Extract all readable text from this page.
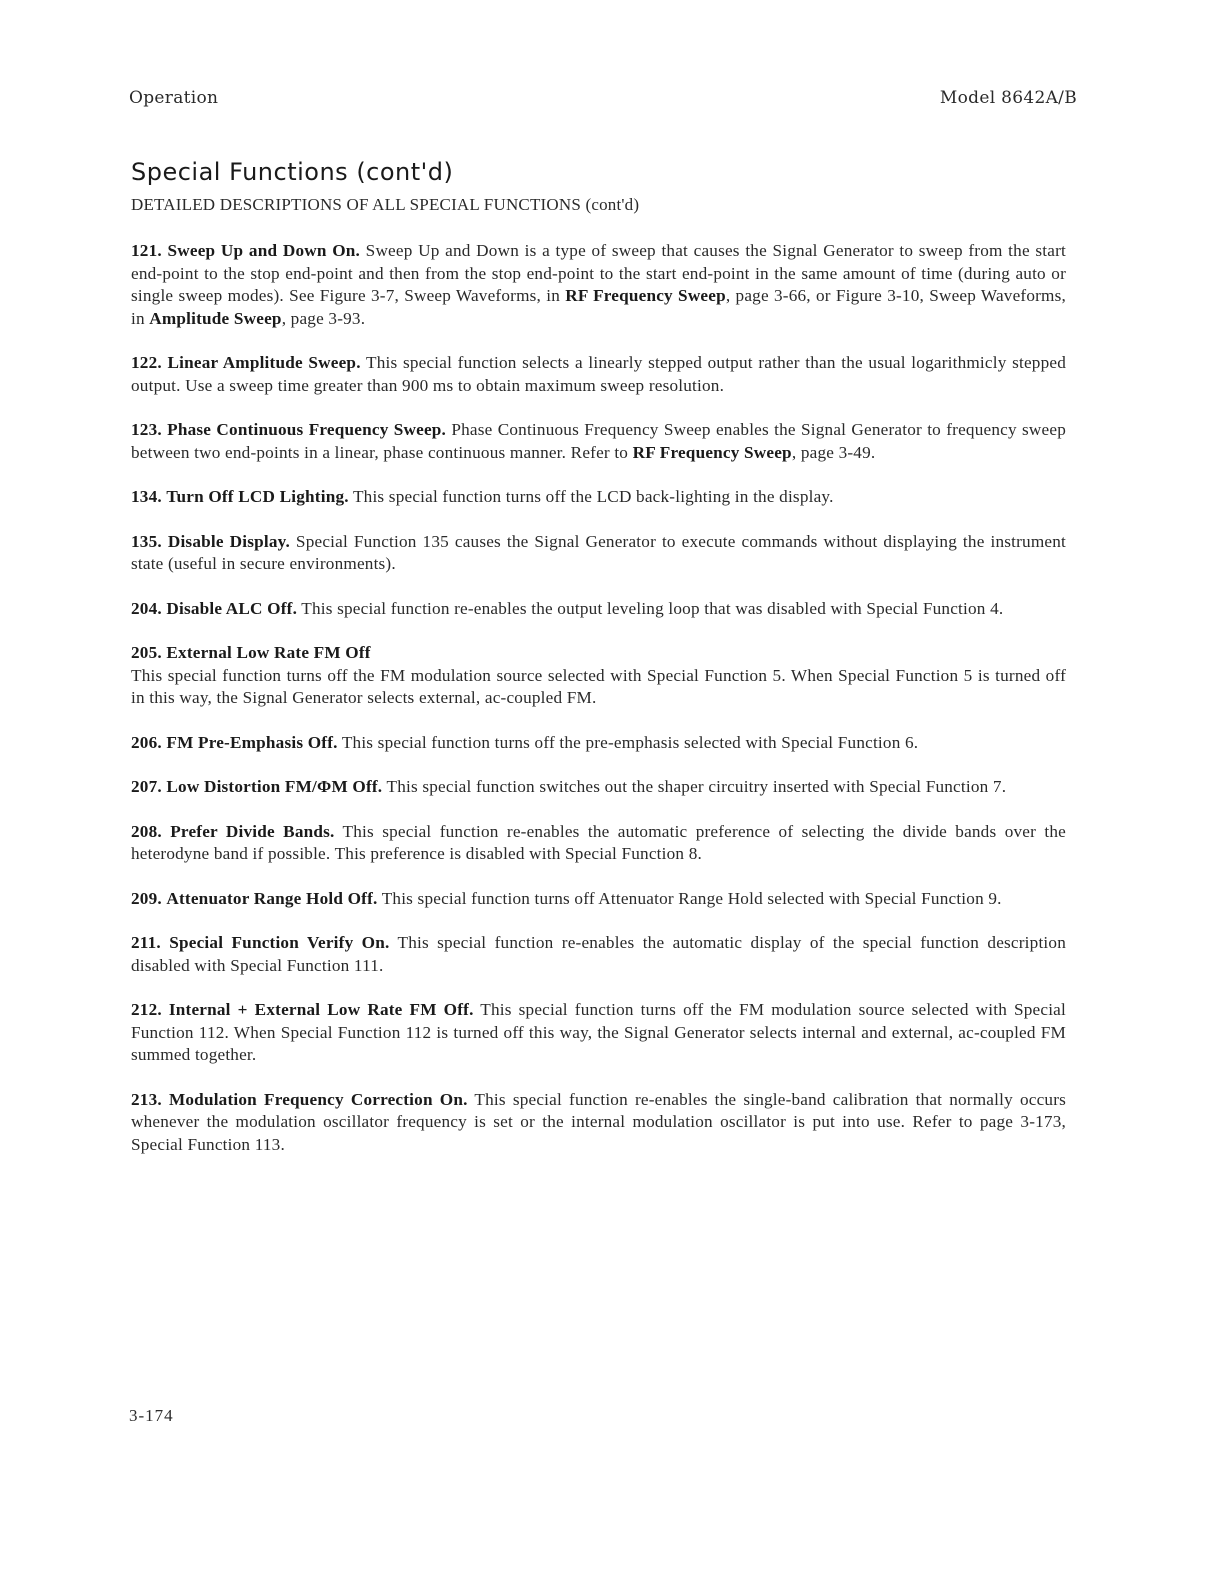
Operation	Model 8642A/B
Special Functions (cont'd)
DETAILED DESCRIPTIONS OF ALL SPECIAL FUNCTIONS (cont'd)

121. Sweep Up and Down On. Sweep Up and Down is a type of sweep that causes the Signal Generator to sweep from the start end-point to the stop end-point and then from the stop end-point to the start end-point in the same amount of time (during auto or single sweep modes). See Figure 3-7, Sweep Waveforms, in RF Frequency Sweep, page 3-66, or Figure 3-10, Sweep Waveforms, in Amplitude Sweep, page 3-93.

122. Linear Amplitude Sweep. This special function selects a linearly stepped output rather than the usual logarithmicly stepped output. Use a sweep time greater than 900 ms to obtain maximum sweep resolution.

123. Phase Continuous Frequency Sweep. Phase Continuous Frequency Sweep enables the Signal Generator to frequency sweep between two end-points in a linear, phase continuous manner. Refer to RF Frequency Sweep, page 3-49.

134. Turn Off LCD Lighting. This special function turns off the LCD back-lighting in the display.

135. Disable Display. Special Function 135 causes the Signal Generator to execute commands without displaying the instrument state (useful in secure environments).

204. Disable ALC Off. This special function re-enables the output leveling loop that was disabled with Special Function 4.

205. External Low Rate FM Off
This special function turns off the FM modulation source selected with Special Function 5. When Special Function 5 is turned off in this way, the Signal Generator selects external, ac-coupled FM.

206. FM Pre-Emphasis Off. This special function turns off the pre-emphasis selected with Special Function 6.

207. Low Distortion FM/ΦM Off. This special function switches out the shaper circuitry inserted with Special Function 7.

208. Prefer Divide Bands. This special function re-enables the automatic preference of selecting the divide bands over the heterodyne band if possible. This preference is disabled with Special Function 8.

209. Attenuator Range Hold Off. This special function turns off Attenuator Range Hold selected with Special Function 9.

211. Special Function Verify On. This special function re-enables the automatic display of the special function description disabled with Special Function 111.

212. Internal + External Low Rate FM Off. This special function turns off the FM modulation source selected with Special Function 112. When Special Function 112 is turned off this way, the Signal Generator selects internal and external, ac-coupled FM summed together.

213. Modulation Frequency Correction On. This special function re-enables the single-band calibration that normally occurs whenever the modulation oscillator frequency is set or the internal modulation oscillator is put into use. Refer to page 3-173, Special Function 113.

3-174
